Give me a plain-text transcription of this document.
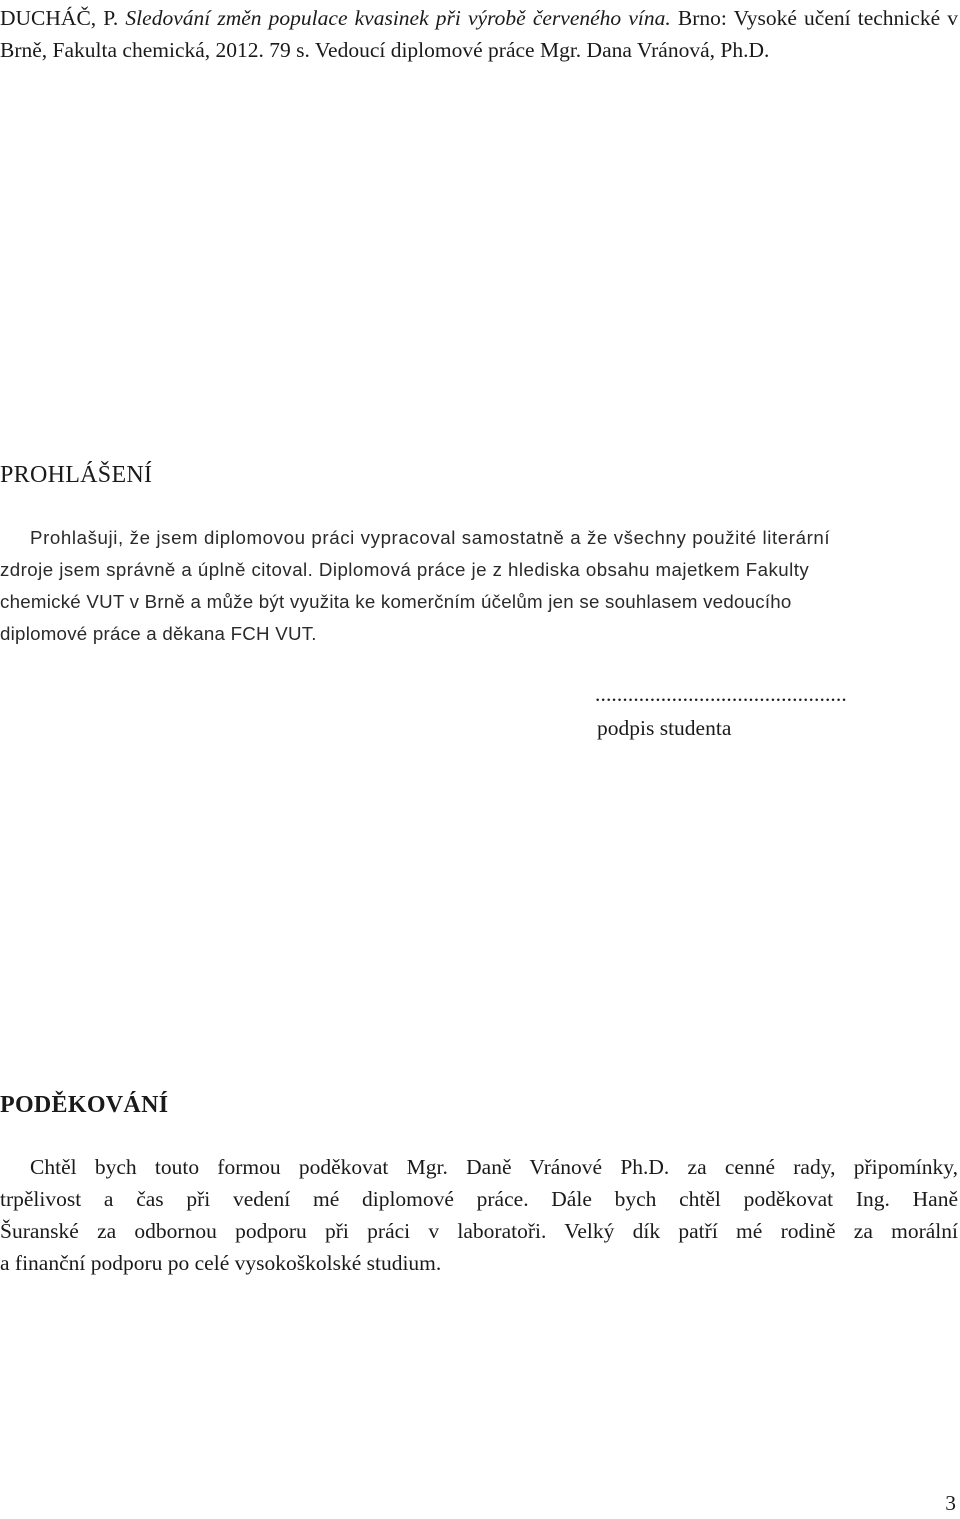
DUCHÁČ, P. Sledování změn populace kvasinek při výrobě červeného vína. Brno: Vysoké učení technické v Brně, Fakulta chemická, 2012. 79 s. Vedoucí diplomové práce Mgr. Dana Vránová, Ph.D.

PROHLÁŠENÍ
Prohlašuji, že jsem diplomovou práci vypracoval samostatně a že všechny použité literární
zdroje jsem správně a úplně citoval. Diplomová práce je z hlediska obsahu majetkem Fakulty
chemické VUT v Brně a může být využita ke komerčním účelům jen se souhlasem vedoucího
diplomové práce a děkana FCH VUT.
..............................................
podpis studenta
PODĚKOVÁNÍ
Chtěl bych touto formou poděkovat Mgr. Daně Vránové Ph.D. za cenné rady, připomínky,
trpělivost a čas při vedení mé diplomové práce. Dále bych chtěl poděkovat Ing. Haně
Šuranské za odbornou podporu při práci v laboratoři. Velký dík patří mé rodině za morální
a finanční podporu po celé vysokoškolské studium.
3
